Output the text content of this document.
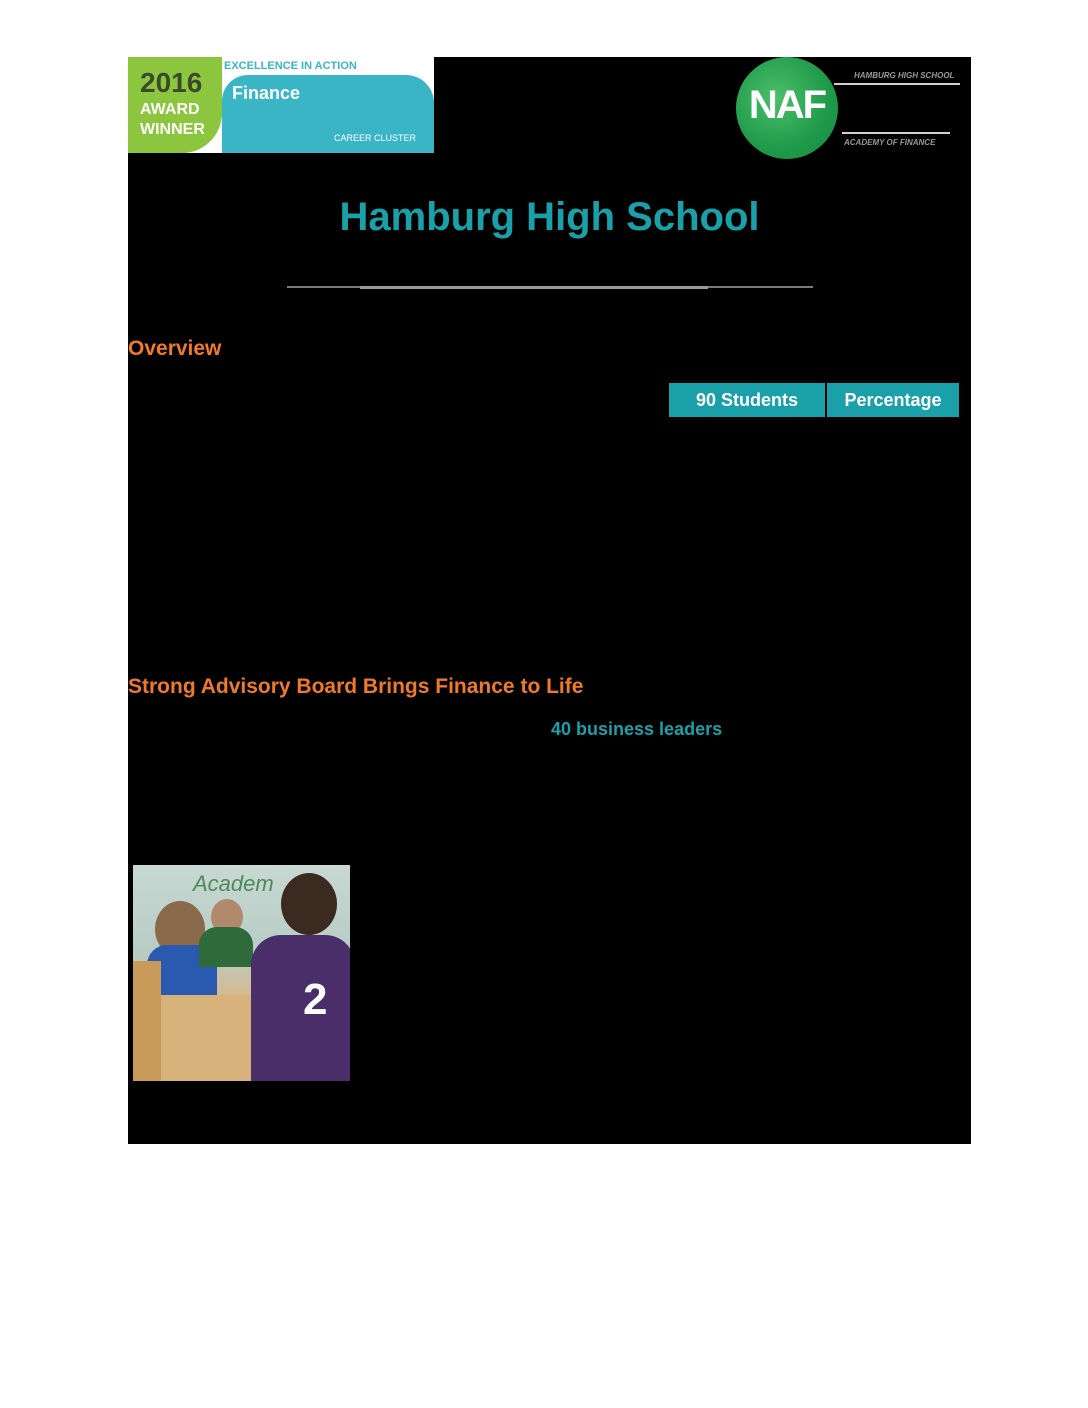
2016
AWARD
WINNER
EXCELLENCE IN ACTION
Finance
CAREER CLUSTER
NAF
HAMBURG HIGH SCHOOL
ACADEMY OF FINANCE
Hamburg High School
Overview
90 Students	Percentage
Strong Advisory Board Brings Finance to Life
40 business leaders
Academ
2
